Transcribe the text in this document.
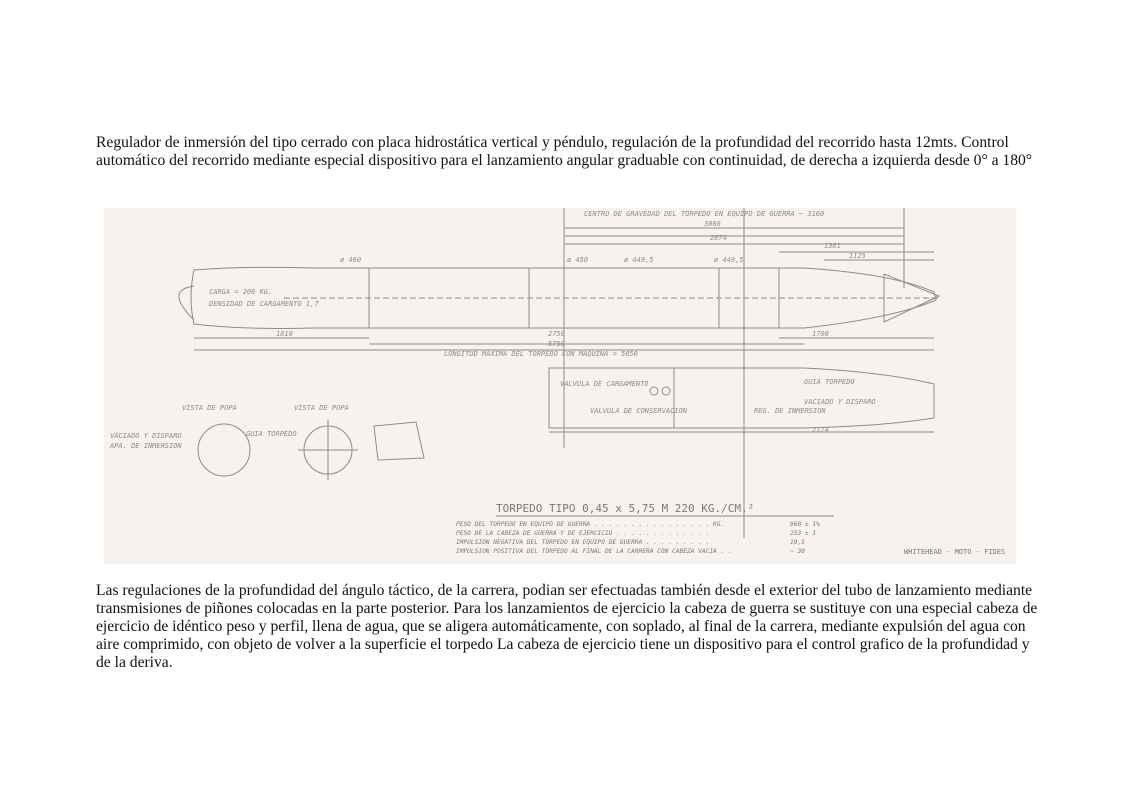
Regulador de inmersión del tipo cerrado con placa hidrostática vertical y péndulo, regulación de la profundidad del recorrido hasta 12mts. Control automático del recorrido mediante especial dispositivo para el lanzamiento angular graduable con continuidad, de derecha a izquierda desde 0° a 180°

CENTRO DE GRAVEDAD DEL TORPEDO EN EQUIPO DE GUERRA ~ 3160
3008
2874
1381
1125
ø 460	ø 450	ø 449,5	ø 449,5
CARGA = 200 KG.
DENSIDAD DE CARGAMENTO 1,7
1810	2750
5750
1700
LONGITUD MAXIMA DEL TORPEDO CON MAQUINA = 5050
VALVULA DE CARGAMENTO
VALVULA DE CONSERVACION	REG. DE INMERSION
GUIA TORPEDO
VACIADO Y DISPARO
2174
VISTA DE POPA	VISTA DE POPA
VACIADO Y DISPARO
APA. DE INMERSION
GUIA TORPEDO
TORPEDO TIPO 0,45 x 5,75 M 220 KG./CM.²
PESO DEL TORPEDO EN EQUIPO DE GUERRA . . . . . . . . . . . . . . . . KG.	960 ± 1%
PESO DE LA CABEZA DE GUERRA Y DE EJERCICIO . . . . . . . . . . . . .	253 ± 1
IMPULSION NEGATIVA DEL TORPEDO EN EQUIPO DE GUERRA . . . . . . . . .	19,5
IMPULSION POSITIVA DEL TORPEDO AL FINAL DE LA CARRERA CON CABEZA VACIA . .	~ 30	WHITEHEAD - MOTO - FIDES

Las regulaciones de la profundidad del ángulo táctico, de la carrera, podian ser efectuadas también desde el exterior del tubo de lanzamiento mediante transmisiones de piñones colocadas en la parte posterior. Para los lanzamientos de ejercicio la cabeza de guerra se sustituye con una especial cabeza de ejercicio de idéntico peso y perfil, llena de agua, que se aligera automáticamente, con soplado, al final de la carrera, mediante expulsión del agua con aire comprimido, con objeto de volver a la superficie el torpedo La cabeza de ejercicio tiene un dispositivo para el control grafico de la profundidad y de la deriva.
